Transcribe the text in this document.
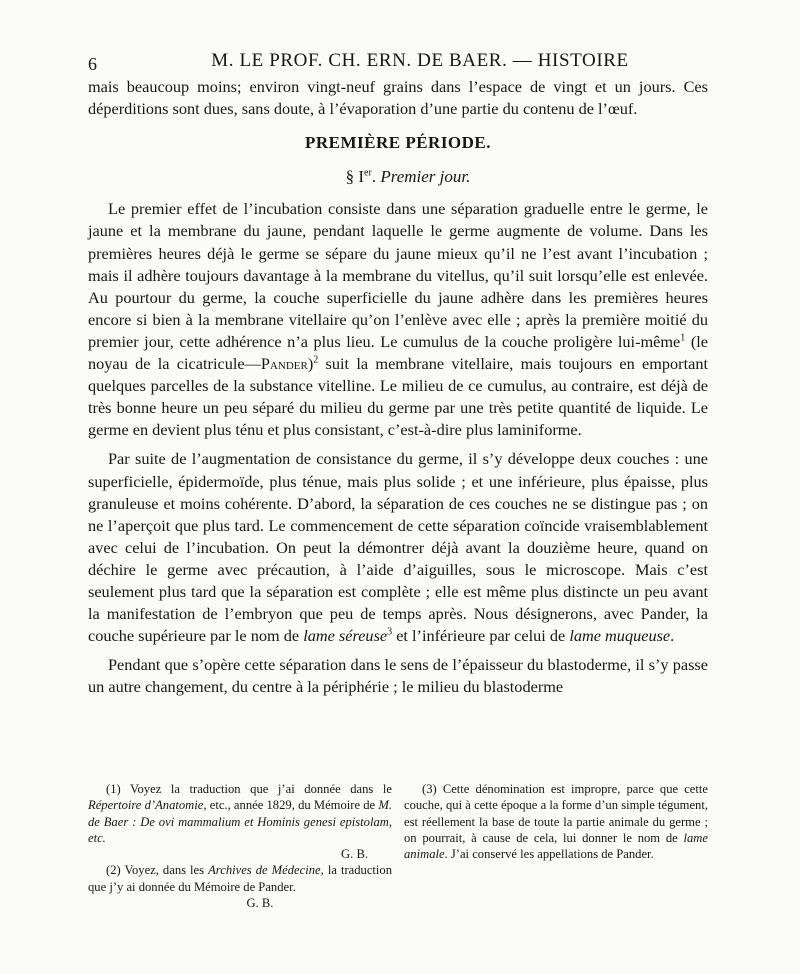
6	M. LE PROF. CH. ERN. DE BAER. — HISTOIRE

mais beaucoup moins; environ vingt-neuf grains dans l’espace de vingt et un jours. Ces déperditions sont dues, sans doute, à l’évaporation d’une partie du contenu de l’œuf.

PREMIÈRE PÉRIODE.

§ Ier. Premier jour.

Le premier effet de l’incubation consiste dans une séparation graduelle entre le germe, le jaune et la membrane du jaune, pendant laquelle le germe augmente de volume. Dans les premières heures déjà le germe se sépare du jaune mieux qu’il ne l’est avant l’incubation ; mais il adhère toujours davantage à la membrane du vitellus, qu’il suit lorsqu’elle est enlevée. Au pourtour du germe, la couche superficielle du jaune adhère dans les premières heures encore si bien à la membrane vitellaire qu’on l’enlève avec elle ; après la première moitié du premier jour, cette adhérence n’a plus lieu. Le cumulus de la couche proligère lui-même$^1$ (le noyau de la cicatricule—Pander)$^2$ suit la membrane vitellaire, mais toujours en emportant quelques parcelles de la substance vitelline. Le milieu de ce cumulus, au contraire, est déjà de très bonne heure un peu séparé du milieu du germe par une très petite quantité de liquide. Le germe en devient plus ténu et plus consistant, c’est-à-dire plus laminiforme.

Par suite de l’augmentation de consistance du germe, il s’y développe deux couches : une superficielle, épidermoïde, plus ténue, mais plus solide ; et une inférieure, plus épaisse, plus granuleuse et moins cohérente. D’abord, la séparation de ces couches ne se distingue pas ; on ne l’aperçoit que plus tard. Le commencement de cette séparation coïncide vraisemblablement avec celui de l’incubation. On peut la démontrer déjà avant la douzième heure, quand on déchire le germe avec précaution, à l’aide d’aiguilles, sous le microscope. Mais c’est seulement plus tard que la séparation est complète ; elle est même plus distincte un peu avant la manifestation de l’embryon que peu de temps après. Nous désignerons, avec Pander, la couche supérieure par le nom de lame séreuse$^3$ et l’inférieure par celui de lame muqueuse.

Pendant que s’opère cette séparation dans le sens de l’épaisseur du blastoderme, il s’y passe un autre changement, du centre à la périphérie ; le milieu du blastoderme

(1) Voyez la traduction que j’ai donnée dans le Répertoire d’Anatomie, etc., année 1829, du Mémoire de M. de Baer : De ovi mammalium et Hominis genesi epistolam, etc.

G. B.

(2) Voyez, dans les Archives de Médecine, la traduction que j’y ai donnée du Mémoire de Pander.

G. B.

(3) Cette dénomination est impropre, parce que cette couche, qui à cette époque a la forme d’un simple tégument, est réellement la base de toute la partie animale du germe ; on pourrait, à cause de cela, lui donner le nom de lame animale. J’ai conservé les appellations de Pander.
